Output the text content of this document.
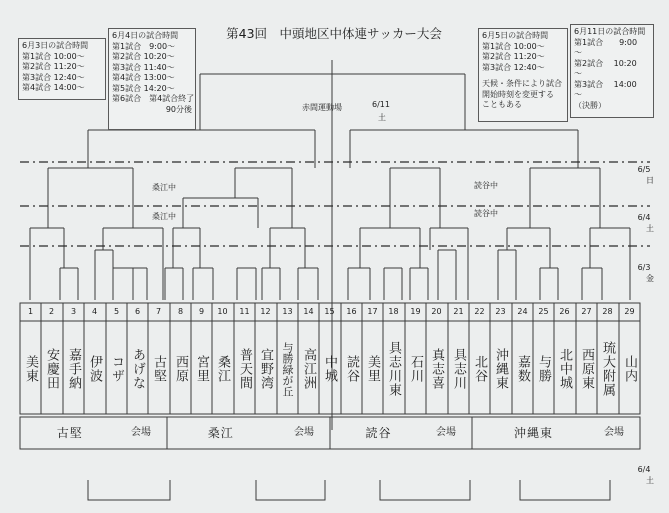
第43回　中頭地区中体連サッカー大会
6月3日の試合時間
第1試合 10:00〜
第2試合 11:20〜
第3試合 12:40〜
第4試合 14:00〜
6月4日の試合時間
第1試合　9:00〜
第2試合 10:20〜
第3試合 11:40〜
第4試合 13:00〜
第5試合 14:20〜
第6試合　第4試合終了
90分後
6月5日の試合時間
第1試合 10:00〜
第2試合 11:20〜
第3試合 12:40〜
天候・条件により試合
開始時刻を変更する
こともある
6月11日の試合時間
第1試合　　9:00
〜
第2試合　 10:20
〜
第3試合　 14:00
〜
（決勝）
赤間運動場	6/11
土
桑江中	読谷中
桑江中	読谷中
6/5
日
6/4
土
6/3
金
6/4
土
1
美東
2
安慶田
3
嘉手納
4
伊波
5
コザ
6
あげな
7
古堅
8
西原
9
宮里
10
桑江
11
普天間
12
宜野湾
13
与勝緑が丘
14
高江洲
15
中城
16
読谷
17
美里
18
具志川東
19
石川
20
真志喜
21
具志川
22
北谷
23
沖縄東
24
嘉数
25
与勝
26
北中城
27
西原東
28
琉大附属
29
山内
古堅	会場	桑江	会場	読谷	会場	沖縄東	会場
